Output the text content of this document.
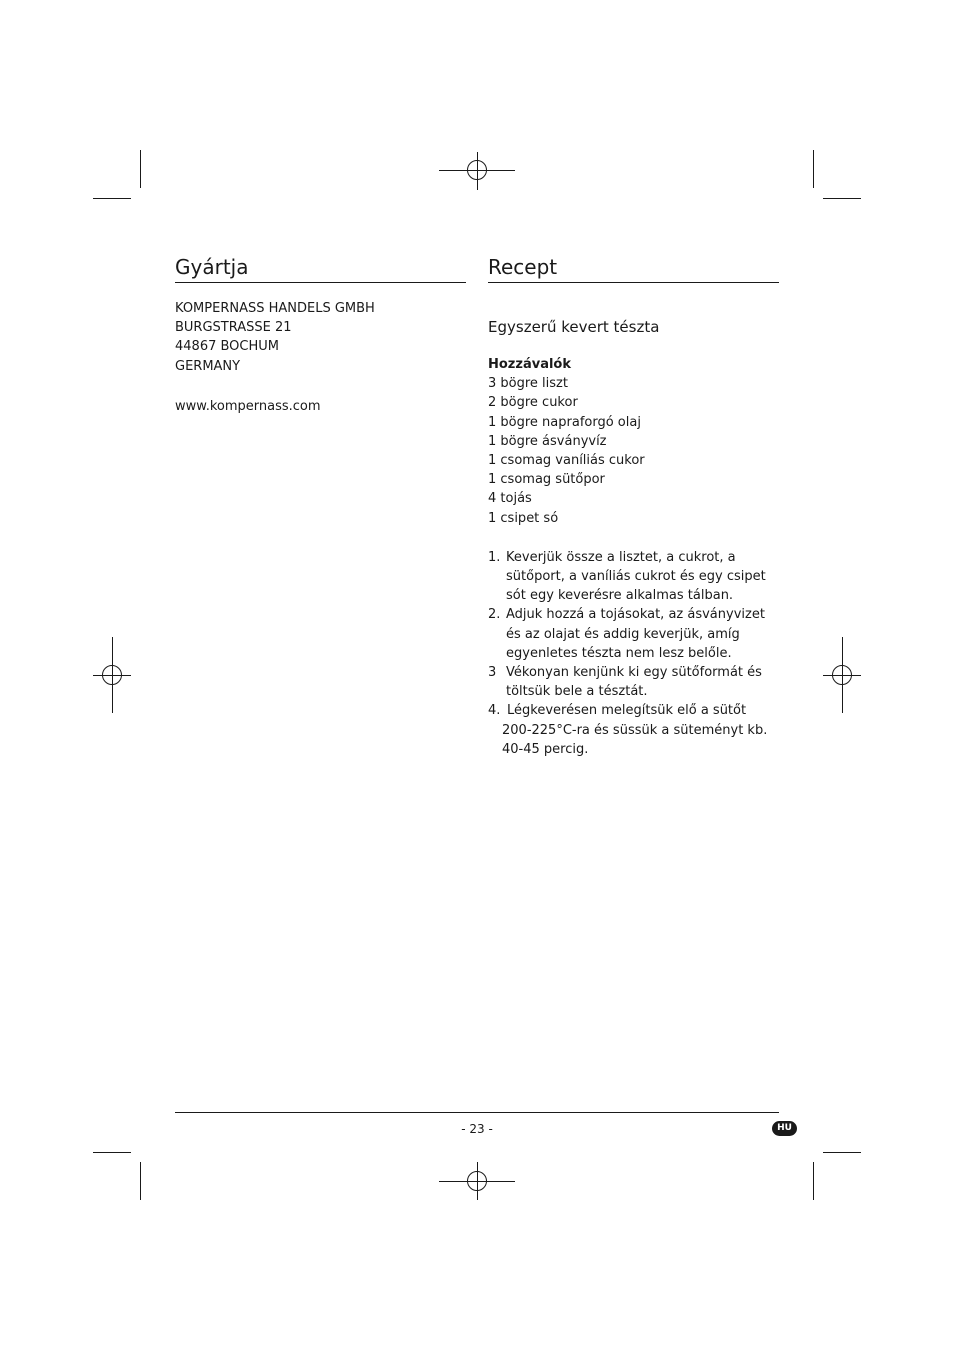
Gyártja
KOMPERNASS HANDELS GMBH
BURGSTRASSE 21
44867 BOCHUM
GERMANY
www.kompernass.com
Recept
Egyszerű kevert tészta
Hozzávalók
3 bögre liszt
2 bögre cukor
1 bögre napraforgó olaj
1 bögre ásványvíz
1 csomag vaníliás cukor
1 csomag sütőpor
4 tojás
1 csipet só
1. Keverjük össze a lisztet, a cukrot, a sütőport, a vaníliás cukrot és egy csipet sót egy keverésre alkalmas tálban.
2. Adjuk hozzá a tojásokat, az ásványvizet és az olajat és addig keverjük, amíg egyenletes tészta nem lesz belőle.
3 Vékonyan kenjünk ki egy sütőformát és töltsük bele a tésztát.
4. Légkeverésen melegítsük elő a sütőt 200-225°C-ra és süssük a süteményt kb. 40-45 percig.
- 23 -	HU
